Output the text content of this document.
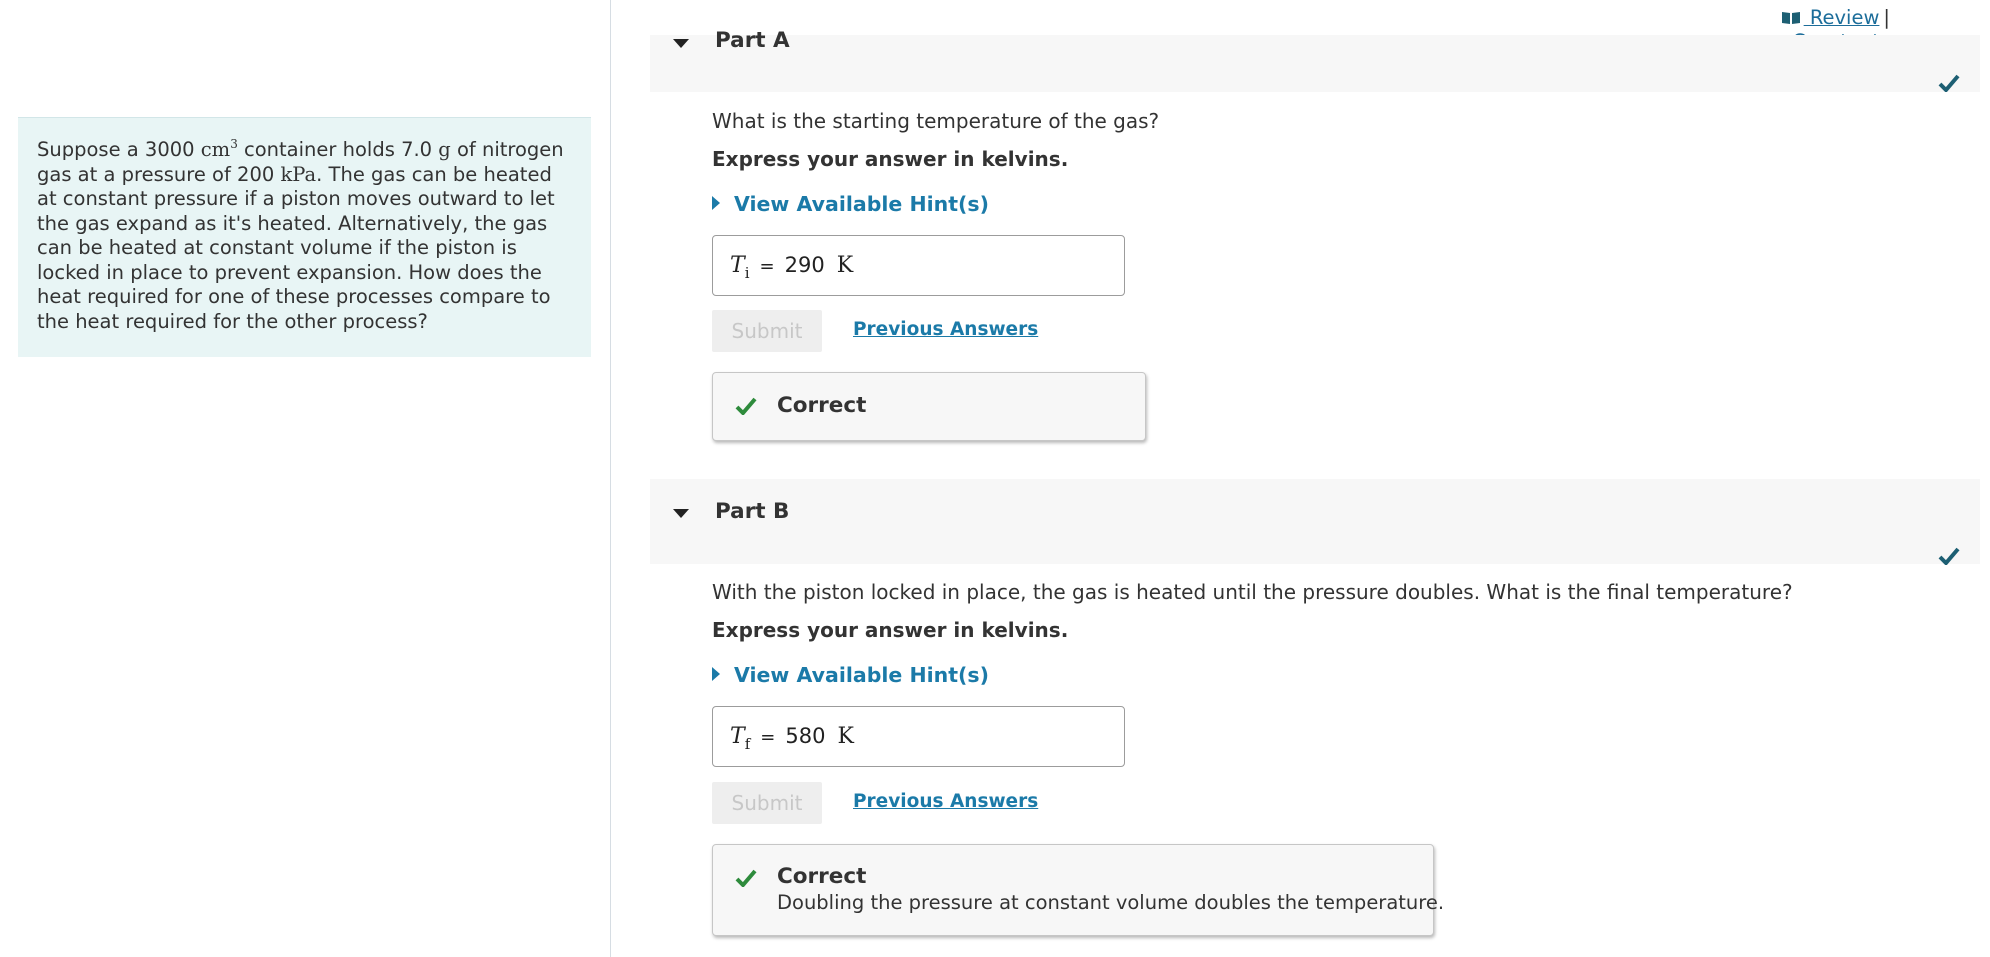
Suppose a 3000 $cm^3$ container holds 7.0 g of nitrogen gas at a pressure of 200 kPa. The gas can be heated at constant pressure if a piston moves outward to let the gas expand as it's heated. Alternatively, the gas can be heated at constant volume if the piston is locked in place to prevent expansion. How does the heat required for one of these processes compare to the heat required for the other process?
Review |

Part A
What is the starting temperature of the gas?
Express your answer in kelvins.
View Available Hint(s)
$T_i = 290$ K
Submit	Previous Answers
Correct
Part B
With the piston locked in place, the gas is heated until the pressure doubles. What is the final temperature?
Express your answer in kelvins.
View Available Hint(s)
$T_f = 580$ K
Submit	Previous Answers
Correct
Doubling the pressure at constant volume doubles the temperature.
